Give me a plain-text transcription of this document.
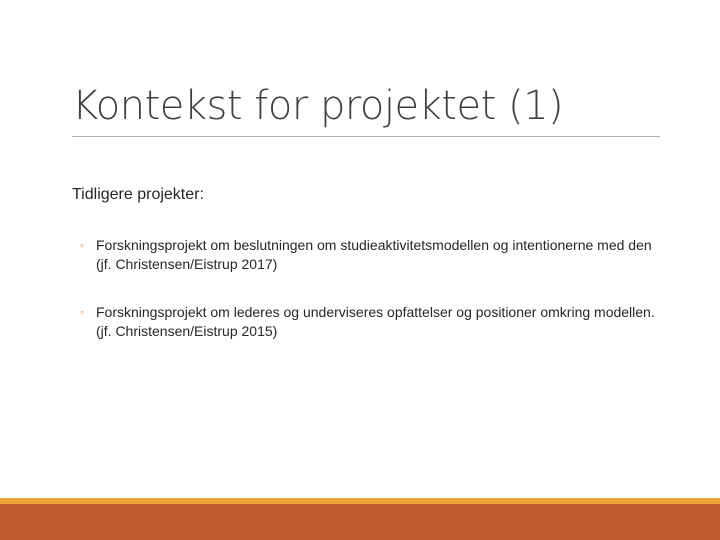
Kontekst for projektet (1)
Tidligere projekter:
◦ Forskningsprojekt om beslutningen om studieaktivitetsmodellen og intentionerne med den (jf. Christensen/Eistrup 2017)
◦ Forskningsprojekt om lederes og underviseres opfattelser og positioner omkring modellen. (jf. Christensen/Eistrup 2015)
